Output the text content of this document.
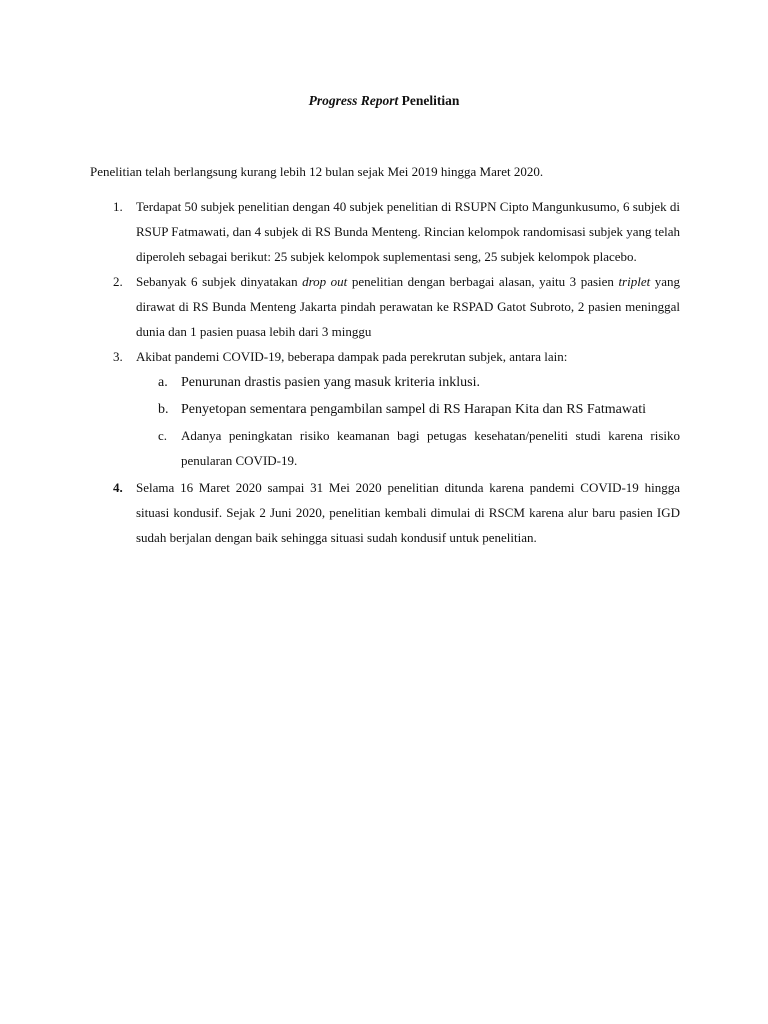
Progress Report Penelitian
Penelitian telah berlangsung kurang lebih 12 bulan sejak Mei 2019 hingga Maret 2020.
1. Terdapat 50 subjek penelitian dengan 40 subjek penelitian di RSUPN Cipto Mangunkusumo, 6 subjek di RSUP Fatmawati, dan 4 subjek di RS Bunda Menteng. Rincian kelompok randomisasi subjek yang telah diperoleh sebagai berikut: 25 subjek kelompok suplementasi seng, 25 subjek kelompok placebo.
2. Sebanyak 6 subjek dinyatakan drop out penelitian dengan berbagai alasan, yaitu 3 pasien triplet yang dirawat di RS Bunda Menteng Jakarta pindah perawatan ke RSPAD Gatot Subroto, 2 pasien meninggal dunia dan 1 pasien puasa lebih dari 3 minggu
3. Akibat pandemi COVID-19, beberapa dampak pada perekrutan subjek, antara lain:
a. Penurunan drastis pasien yang masuk kriteria inklusi.
b. Penyetopan sementara pengambilan sampel di RS Harapan Kita dan RS Fatmawati
c. Adanya peningkatan risiko keamanan bagi petugas kesehatan/peneliti studi karena risiko penularan COVID-19.
4. Selama 16 Maret 2020 sampai 31 Mei 2020 penelitian ditunda karena pandemi COVID-19 hingga situasi kondusif. Sejak 2 Juni 2020, penelitian kembali dimulai di RSCM karena alur baru pasien IGD sudah berjalan dengan baik sehingga situasi sudah kondusif untuk penelitian.
